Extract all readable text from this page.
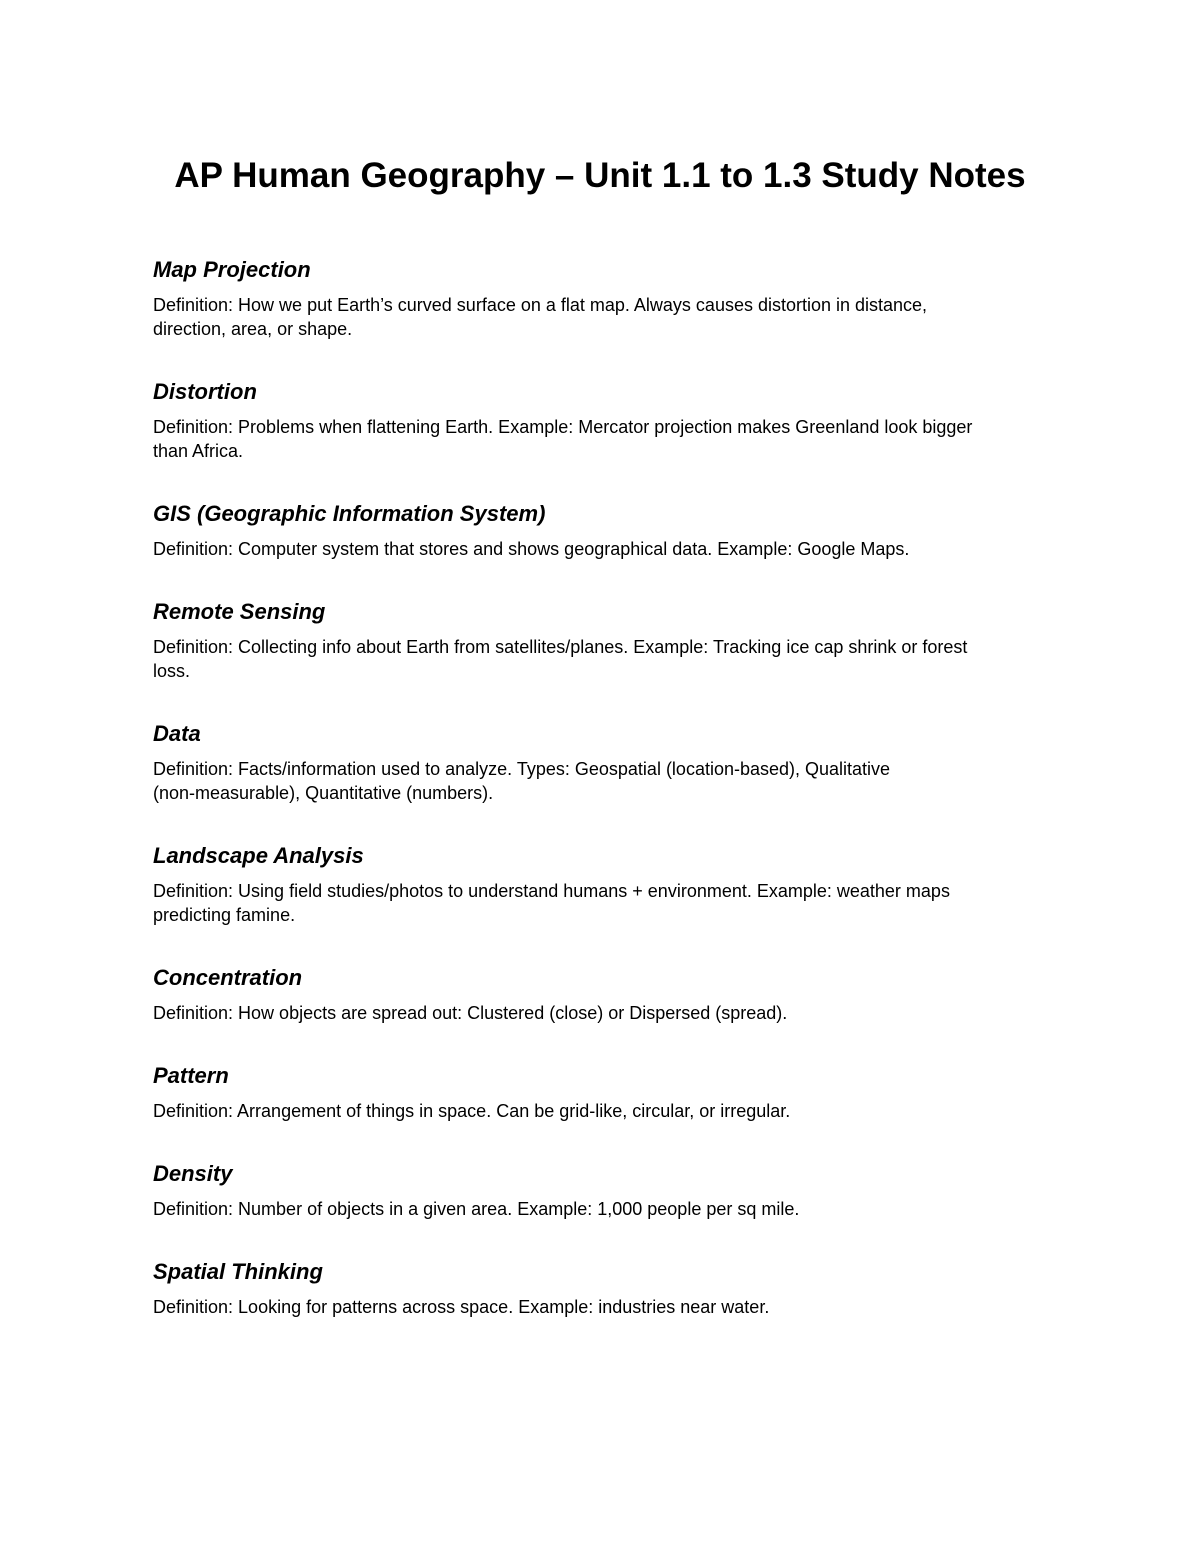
AP Human Geography – Unit 1.1 to 1.3 Study Notes
Map Projection

Definition: How we put Earth’s curved surface on a flat map. Always causes distortion in distance,
direction, area, or shape.

Distortion

Definition: Problems when flattening Earth. Example: Mercator projection makes Greenland look bigger
than Africa.

GIS (Geographic Information System)

Definition: Computer system that stores and shows geographical data. Example: Google Maps.

Remote Sensing

Definition: Collecting info about Earth from satellites/planes. Example: Tracking ice cap shrink or forest
loss.

Data

Definition: Facts/information used to analyze. Types: Geospatial (location-based), Qualitative
(non-measurable), Quantitative (numbers).

Landscape Analysis

Definition: Using field studies/photos to understand humans + environment. Example: weather maps
predicting famine.

Concentration

Definition: How objects are spread out: Clustered (close) or Dispersed (spread).

Pattern

Definition: Arrangement of things in space. Can be grid-like, circular, or irregular.

Density

Definition: Number of objects in a given area. Example: 1,000 people per sq mile.

Spatial Thinking

Definition: Looking for patterns across space. Example: industries near water.
